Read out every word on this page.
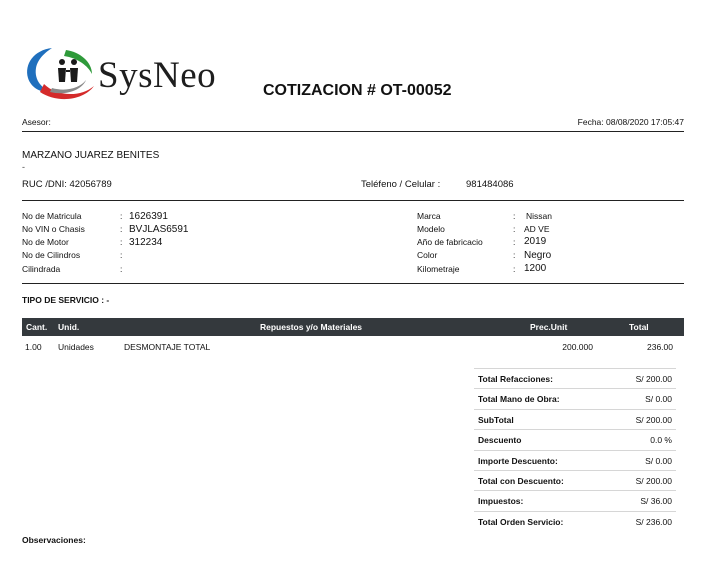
SysNeo	COTIZACION # OT-00052
Asesor:	Fecha: 08/08/2020 17:05:47
MARZANO JUAREZ BENITES
-
RUC /DNI: 42056789	Teléfeno / Celular :	981484086
No de Matricula	: 1626391
No VIN o Chasis	: BVJLAS6591
No de Motor	: 312234
No de Cilindros	:
Cilindrada	:
Marca	: Nissan
Modelo	: AD VE
Año de fabricacio	: 2019
Color	: Negro
Kilometraje	: 1200
TIPO DE SERVICIO : -
Cant. Unid.	Repuestos y/o Materiales	Prec.Unit	Total
1.00 Unidades	DESMONTAJE TOTAL	200.000	236.00
Total Refacciones:	S/ 200.00
Total Mano de Obra:	S/ 0.00
SubTotal	S/ 200.00
Descuento	0.0 %
Importe Descuento:	S/ 0.00
Total con Descuento:	S/ 200.00
Impuestos:	S/ 36.00
Total Orden Servicio:	S/ 236.00
Observaciones:
